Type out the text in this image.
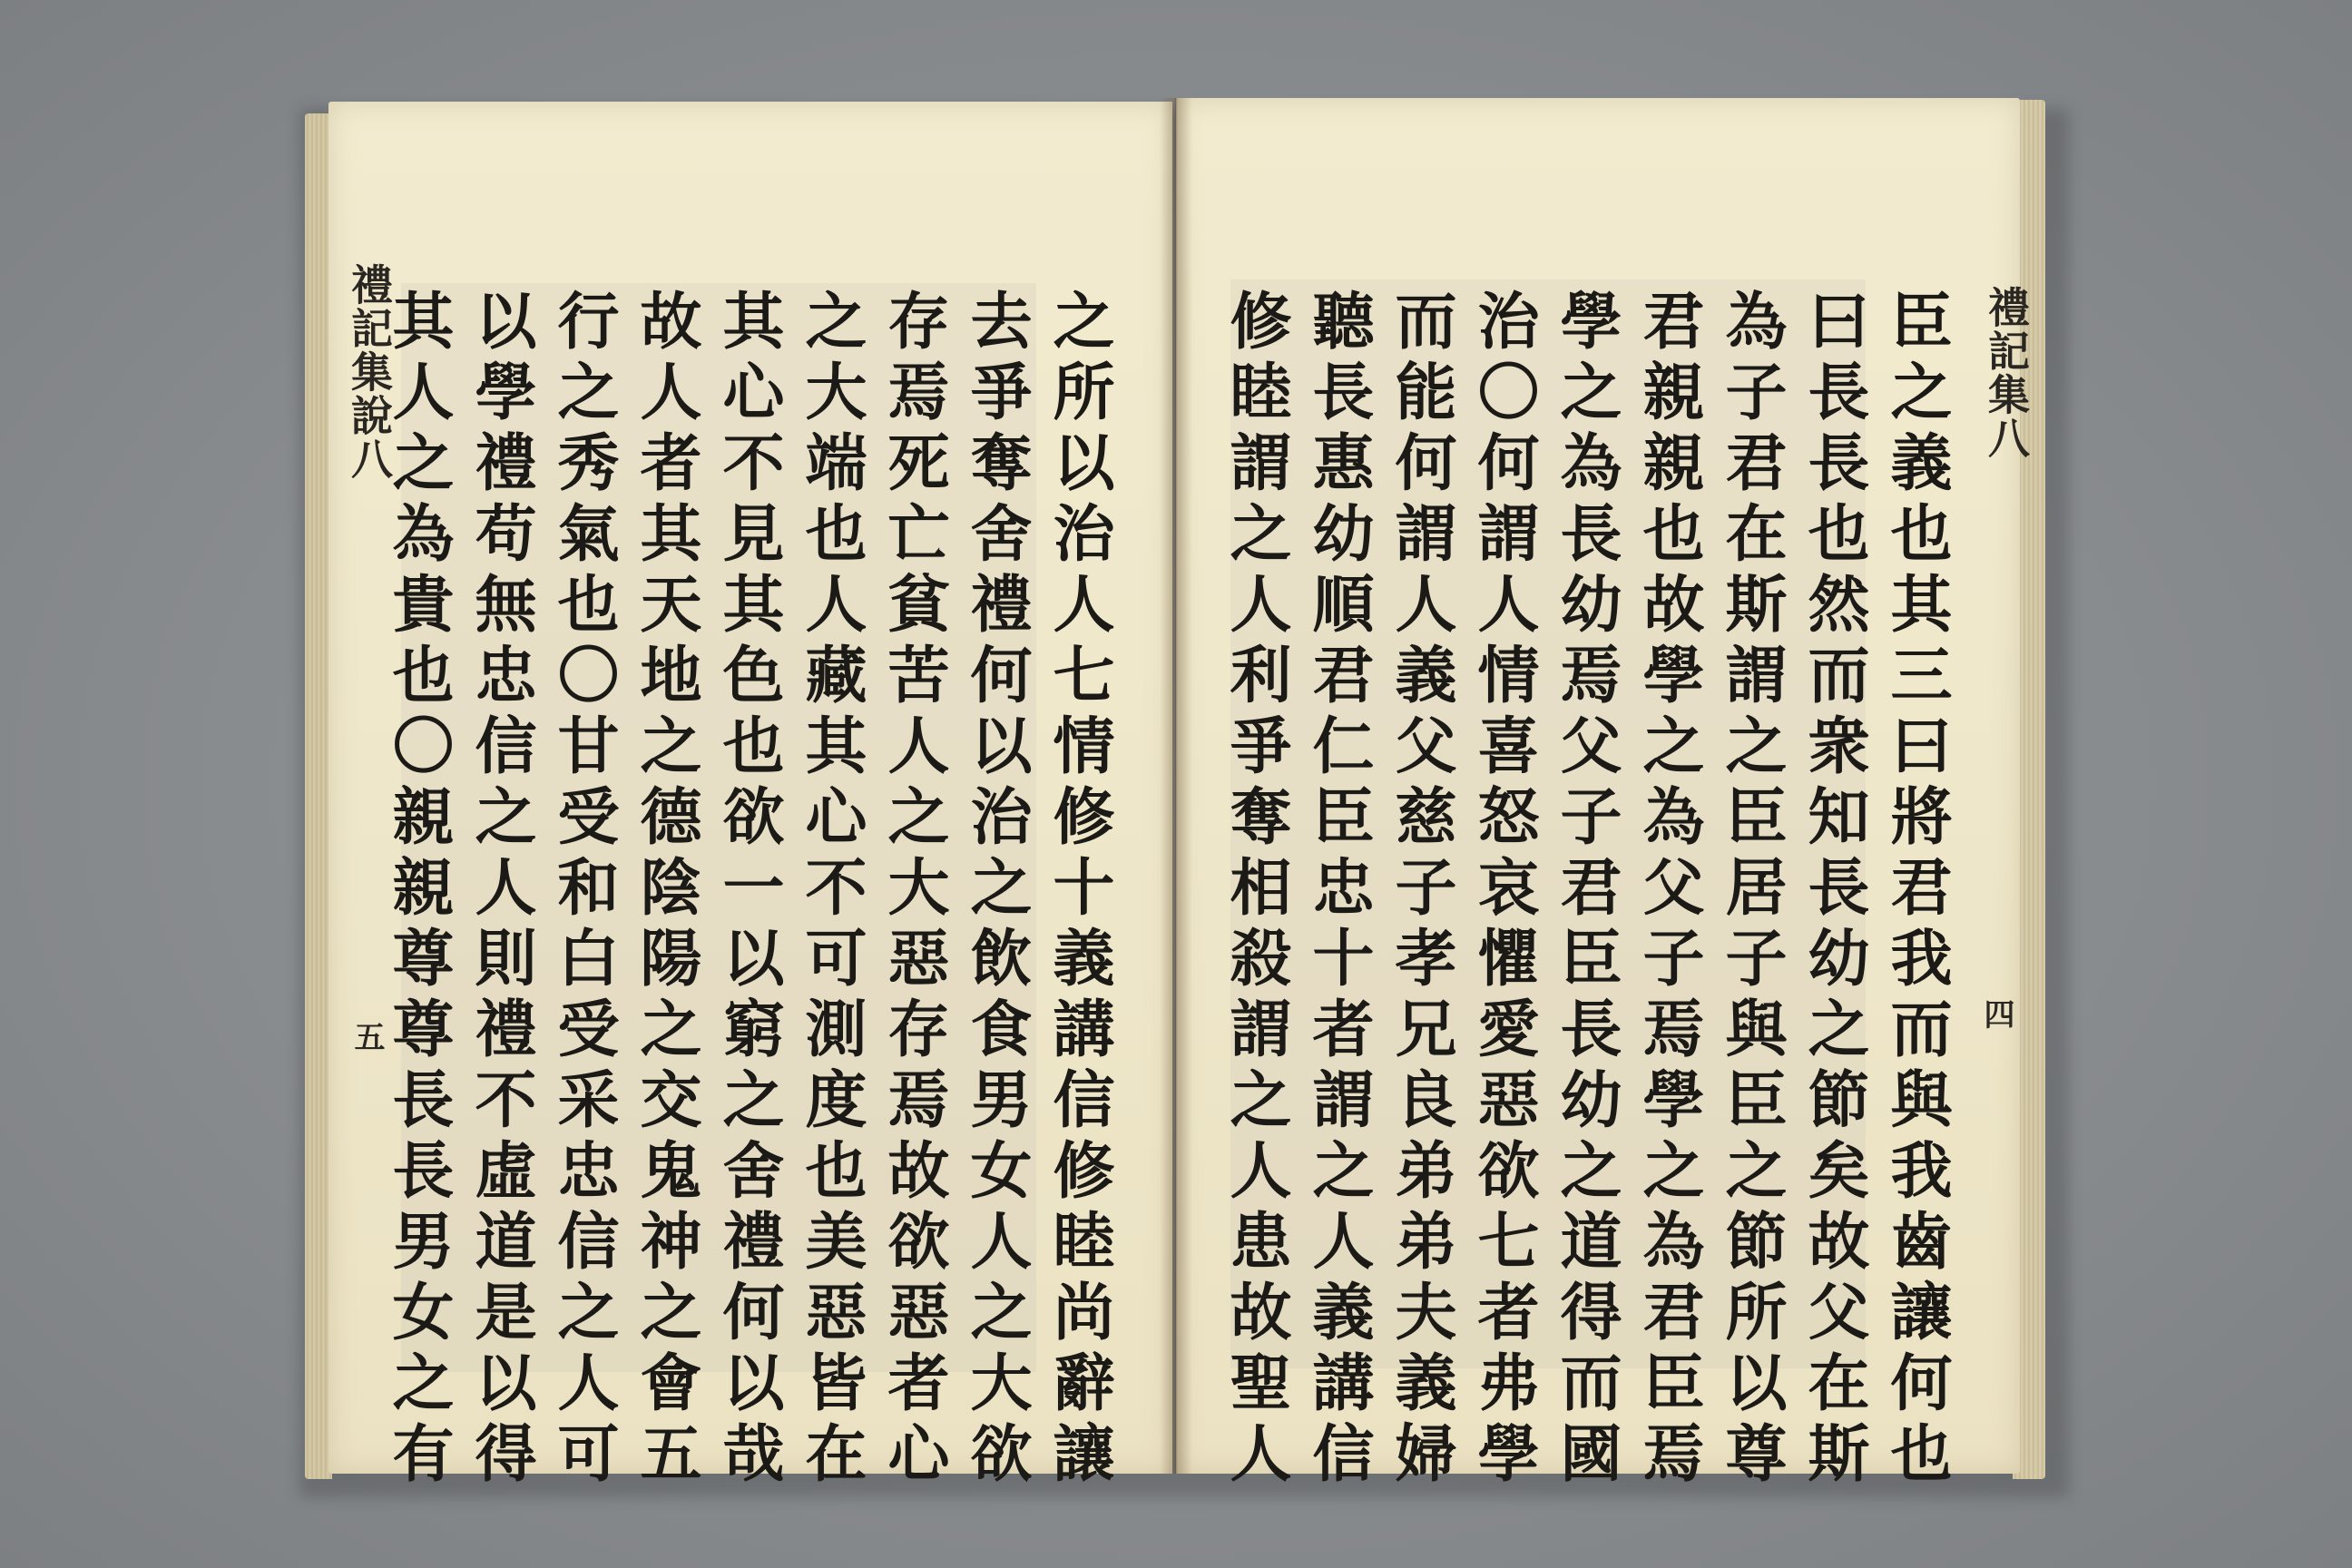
禮記集說八
五	之所以治人七情修十義講信修睦尚辭讓
去爭奪舍禮何以治之飲食男女人之大欲
存焉死亡貧苦人之大惡存焉故欲惡者心
之大端也人藏其心不可測度也美惡皆在
其心不見其色也欲一以窮之舍禮何以哉
故人者其天地之德陰陽之交鬼神之會五
行之秀氣也〇甘受和白受采忠信之人可
以學禮苟無忠信之人則禮不虛道是以得
其人之為貴也〇親親尊尊長長男女之有	禮記集八
四
臣之義也其三曰將君我而與我齒讓何也
曰長長也然而衆知長幼之節矣故父在斯
為子君在斯謂之臣居子與臣之節所以尊
君親親也故學之為父子焉學之為君臣焉
學之為長幼焉父子君臣長幼之道得而國
治〇何謂人情喜怒哀懼愛惡欲七者弗學
而能何謂人義父慈子孝兄良弟弟夫義婦
聽長惠幼順君仁臣忠十者謂之人義講信
修睦謂之人利爭奪相殺謂之人患故聖人
